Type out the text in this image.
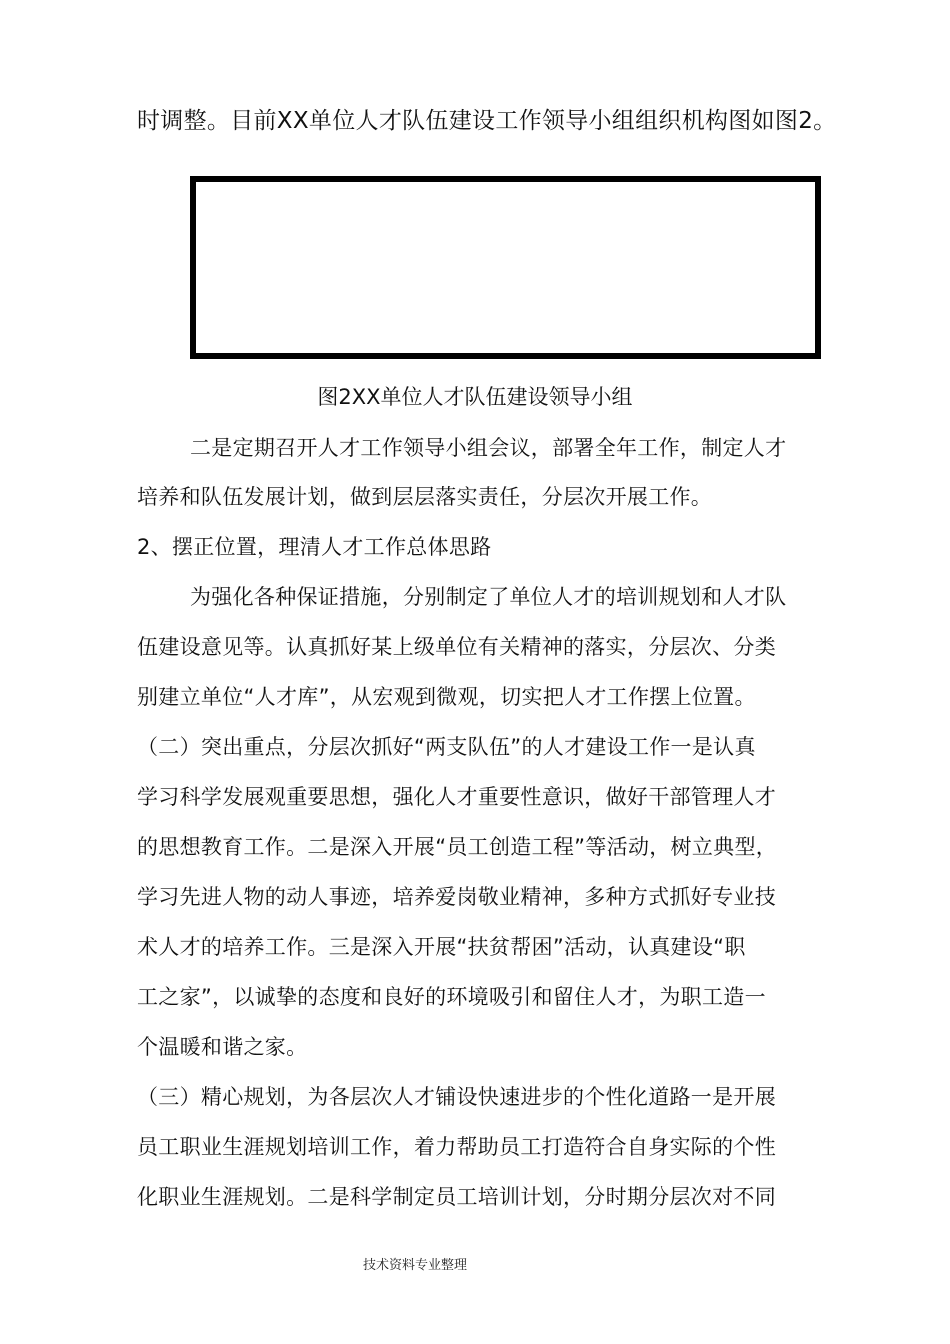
时调整。目前XX单位人才队伍建设工作领导小组组织机构图如图2。
图2XX单位人才队伍建设领导小组
二是定期召开人才工作领导小组会议，部署全年工作，制定人才
培养和队伍发展计划，做到层层落实责任，分层次开展工作。
2、摆正位置，理清人才工作总体思路
为强化各种保证措施，分别制定了单位人才的培训规划和人才队
伍建设意见等。认真抓好某上级单位有关精神的落实，分层次、分类
别建立单位“人才库”，从宏观到微观，切实把人才工作摆上位置。
（二）突出重点，分层次抓好“两支队伍”的人才建设工作一是认真
学习科学发展观重要思想，强化人才重要性意识，做好干部管理人才
的思想教育工作。二是深入开展“员工创造工程”等活动，树立典型，
学习先进人物的动人事迹，培养爱岗敬业精神，多种方式抓好专业技
术人才的培养工作。三是深入开展“扶贫帮困”活动，认真建设“职
工之家”，以诚挚的态度和良好的环境吸引和留住人才，为职工造一
个温暖和谐之家。
（三）精心规划，为各层次人才铺设快速进步的个性化道路一是开展
员工职业生涯规划培训工作，着力帮助员工打造符合自身实际的个性
化职业生涯规划。二是科学制定员工培训计划，分时期分层次对不同
技术资料专业整理
